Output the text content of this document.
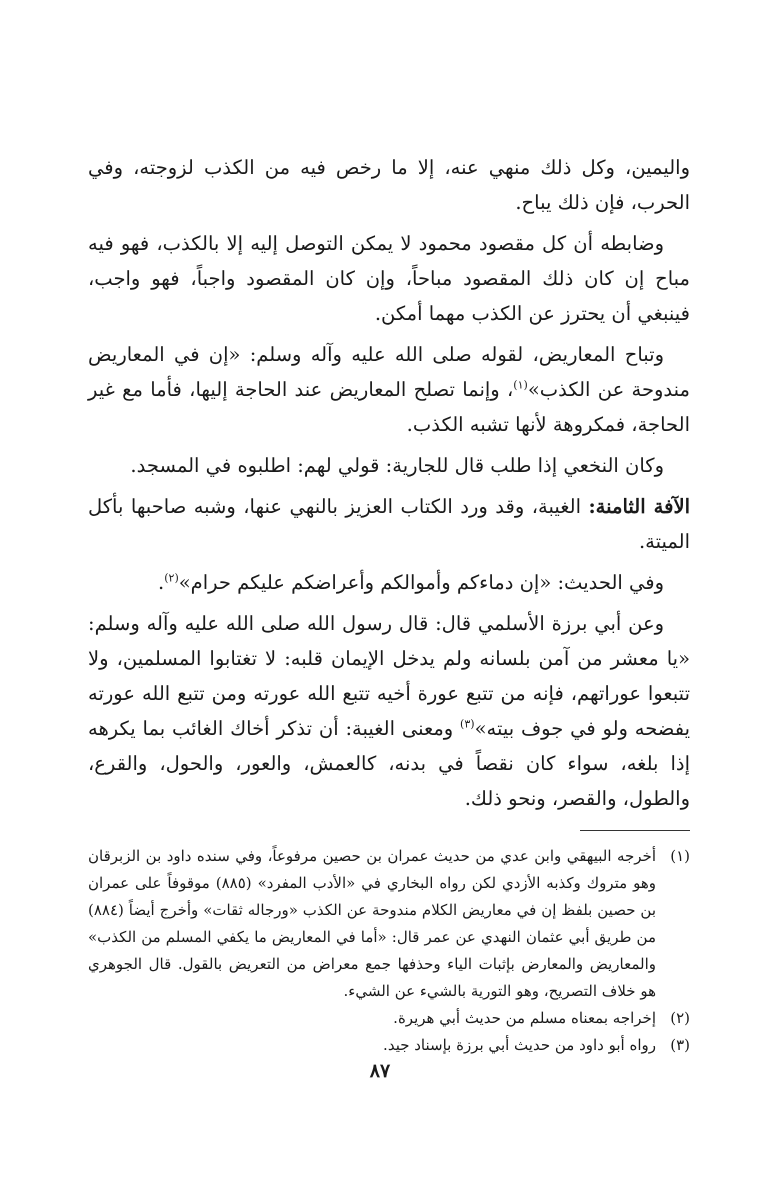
واليمين، وكل ذلك منهي عنه، إلا ما رخص فيه من الكذب لزوجته، وفي الحرب، فإن ذلك يباح.

وضابطه أن كل مقصود محمود لا يمكن التوصل إليه إلا بالكذب، فهو فيه مباح إن كان ذلك المقصود مباحاً، وإن كان المقصود واجباً، فهو واجب، فينبغي أن يحترز عن الكذب مهما أمكن.

وتباح المعاريض، لقوله صلى الله عليه وآله وسلم: «إن في المعاريض مندوحة عن الكذب»$^{(١)}$، وإنما تصلح المعاريض عند الحاجة إليها، فأما مع غير الحاجة، فمكروهة لأنها تشبه الكذب.

وكان النخعي إذا طلب قال للجارية: قولي لهم: اطلبوه في المسجد.

الآفة الثامنة: الغيبة، وقد ورد الكتاب العزيز بالنهي عنها، وشبه صاحبها بأكل الميتة.

وفي الحديث: «إن دماءكم وأموالكم وأعراضكم عليكم حرام»$^{(٢)}$.

وعن أبي برزة الأسلمي قال: قال رسول الله صلى الله عليه وآله وسلم: «يا معشر من آمن بلسانه ولم يدخل الإيمان قلبه: لا تغتابوا المسلمين، ولا تتبعوا عوراتهم، فإنه من تتبع عورة أخيه تتبع الله عورته ومن تتبع الله عورته يفضحه ولو في جوف بيته»$^{(٣)}$ ومعنى الغيبة: أن تذكر أخاك الغائب بما يكرهه إذا بلغه، سواء كان نقصاً في بدنه، كالعمش، والعور، والحول، والقرع، والطول، والقصر، ونحو ذلك.

(١)
أخرجه البيهقي وابن عدي من حديث عمران بن حصين مرفوعاً، وفي سنده داود بن الزبرقان وهو متروك وكذبه الأزدي لكن رواه البخاري في «الأدب المفرد» (٨٨٥) موقوفاً على عمران بن حصين بلفظ إن في معاريض الكلام مندوحة عن الكذب «ورجاله ثقات» وأخرج أيضاً (٨٨٤) من طريق أبي عثمان النهدي عن عمر قال: «أما في المعاريض ما يكفي المسلم من الكذب» والمعاريض والمعارض بإثبات الياء وحذفها جمع معراض من التعريض بالقول. قال الجوهري هو خلاف التصريح، وهو التورية بالشيء عن الشيء.
(٢)
إخراجه بمعناه مسلم من حديث أبي هريرة.
(٣)
رواه أبو داود من حديث أبي برزة بإسناد جيد.
٨٧
